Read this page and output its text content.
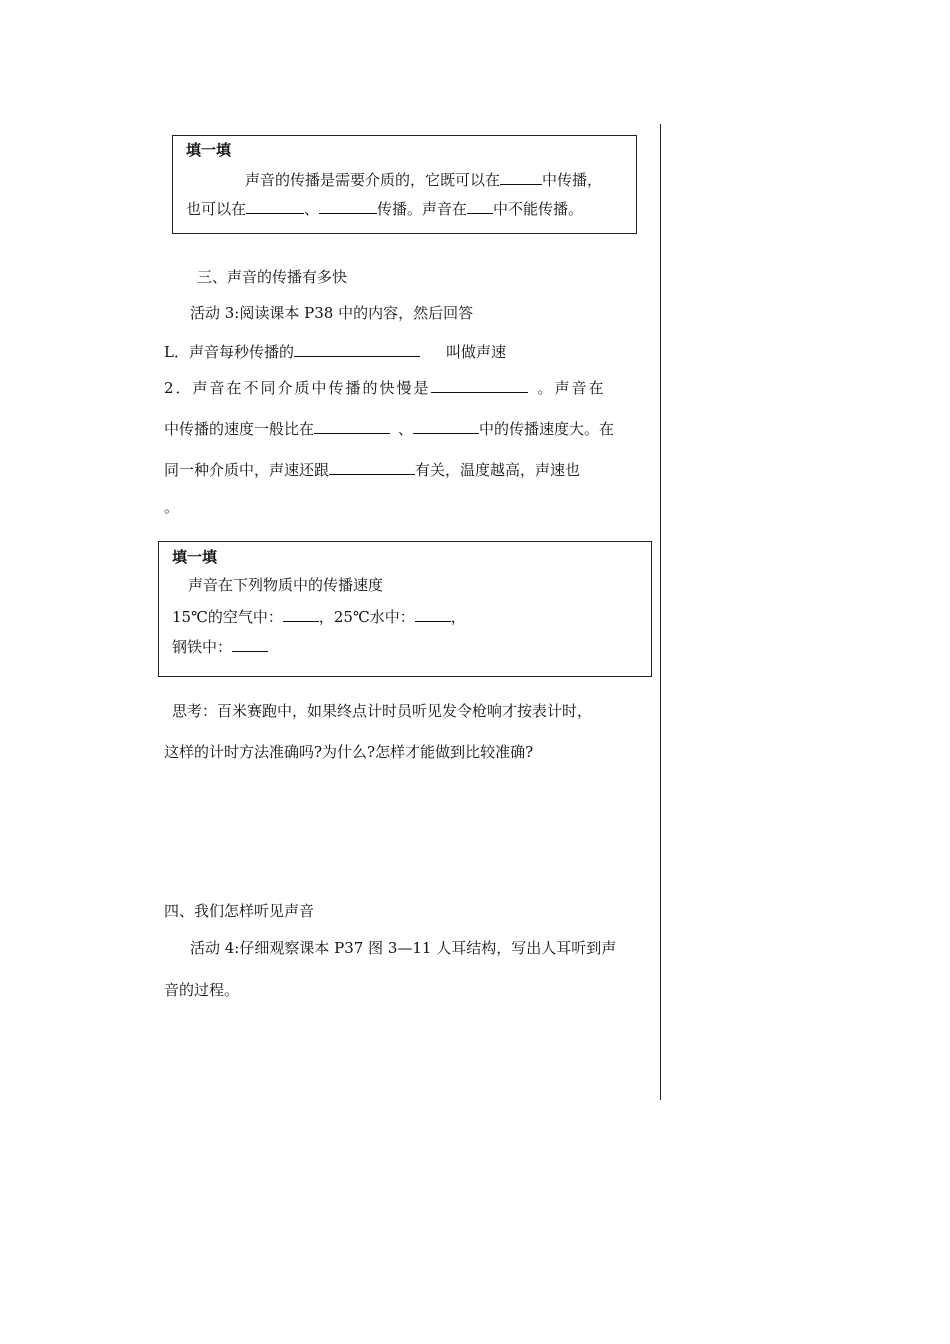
填一填
声音的传播是需要介质的，它既可以在	中传播，
也可以在	、	传播。声音在 中不能传播。
三、声音的传播有多快
活动 3:阅读课本 P38 中的内容，然后回答
L．声音每秒传播的	叫做声速
2．声音在不同介质中传播的快慢是	。声音在
中传播的速度一般比在	、	中的传播速度大。在
同一种介质中，声速还跟	有关，温度越高，声速也
。
填一填
声音在下列物质中的传播速度
15℃的空气中： ，25℃水中： ，
钢铁中：
思考：百米赛跑中，如果终点计时员听见发令枪响才按表计时，
这样的计时方法准确吗?为什么?怎样才能做到比较准确?
四、我们怎样听见声音
活动 4:仔细观察课本 P37 图 3—11 人耳结构，写出人耳听到声
音的过程。
